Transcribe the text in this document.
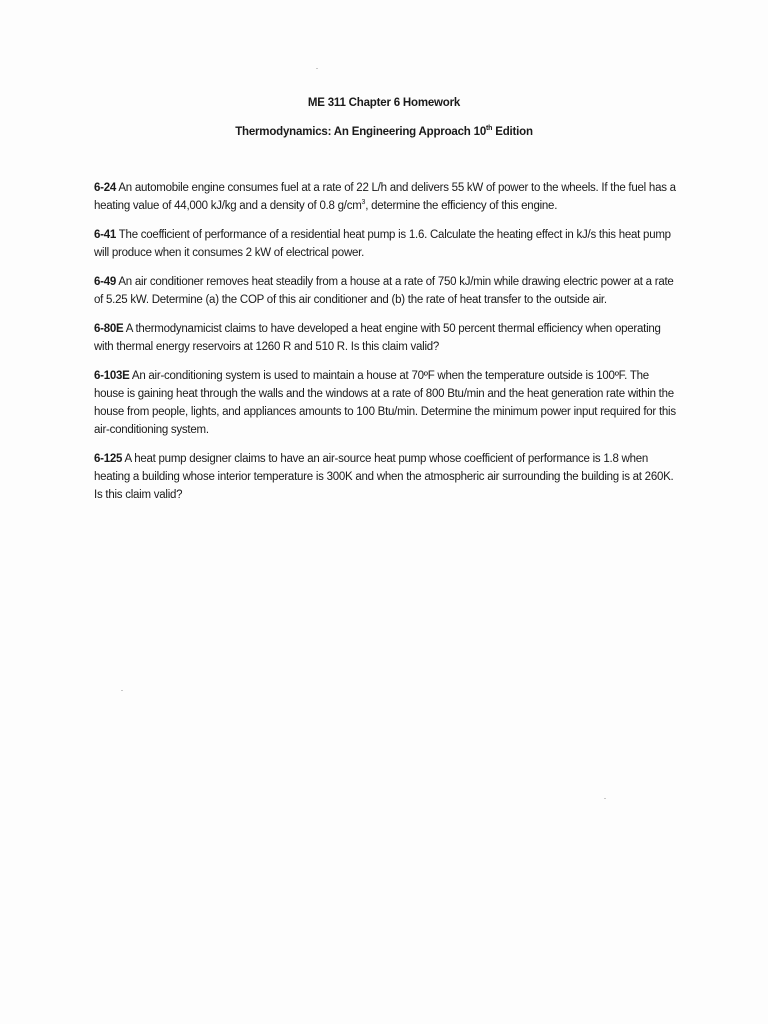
ME 311 Chapter 6 Homework
Thermodynamics: An Engineering Approach 10th Edition

6-24 An automobile engine consumes fuel at a rate of 22 L/h and delivers 55 kW of power to the wheels. If the fuel has a heating value of 44,000 kJ/kg and a density of 0.8 $g/cm^3$, determine the efficiency of this engine.

6-41 The coefficient of performance of a residential heat pump is 1.6. Calculate the heating effect in kJ/s this heat pump will produce when it consumes 2 kW of electrical power.

6-49 An air conditioner removes heat steadily from a house at a rate of 750 kJ/min while drawing electric power at a rate of 5.25 kW. Determine (a) the COP of this air conditioner and (b) the rate of heat transfer to the outside air.

6-80E A thermodynamicist claims to have developed a heat engine with 50 percent thermal efficiency when operating with thermal energy reservoirs at 1260 R and 510 R. Is this claim valid?

6-103E An air-conditioning system is used to maintain a house at 70ºF when the temperature outside is 100ºF. The house is gaining heat through the walls and the windows at a rate of 800 Btu/min and the heat generation rate within the house from people, lights, and appliances amounts to 100 Btu/min. Determine the minimum power input required for this air-conditioning system.

6-125 A heat pump designer claims to have an air-source heat pump whose coefficient of performance is 1.8 when heating a building whose interior temperature is 300K and when the atmospheric air surrounding the building is at 260K. Is this claim valid?
